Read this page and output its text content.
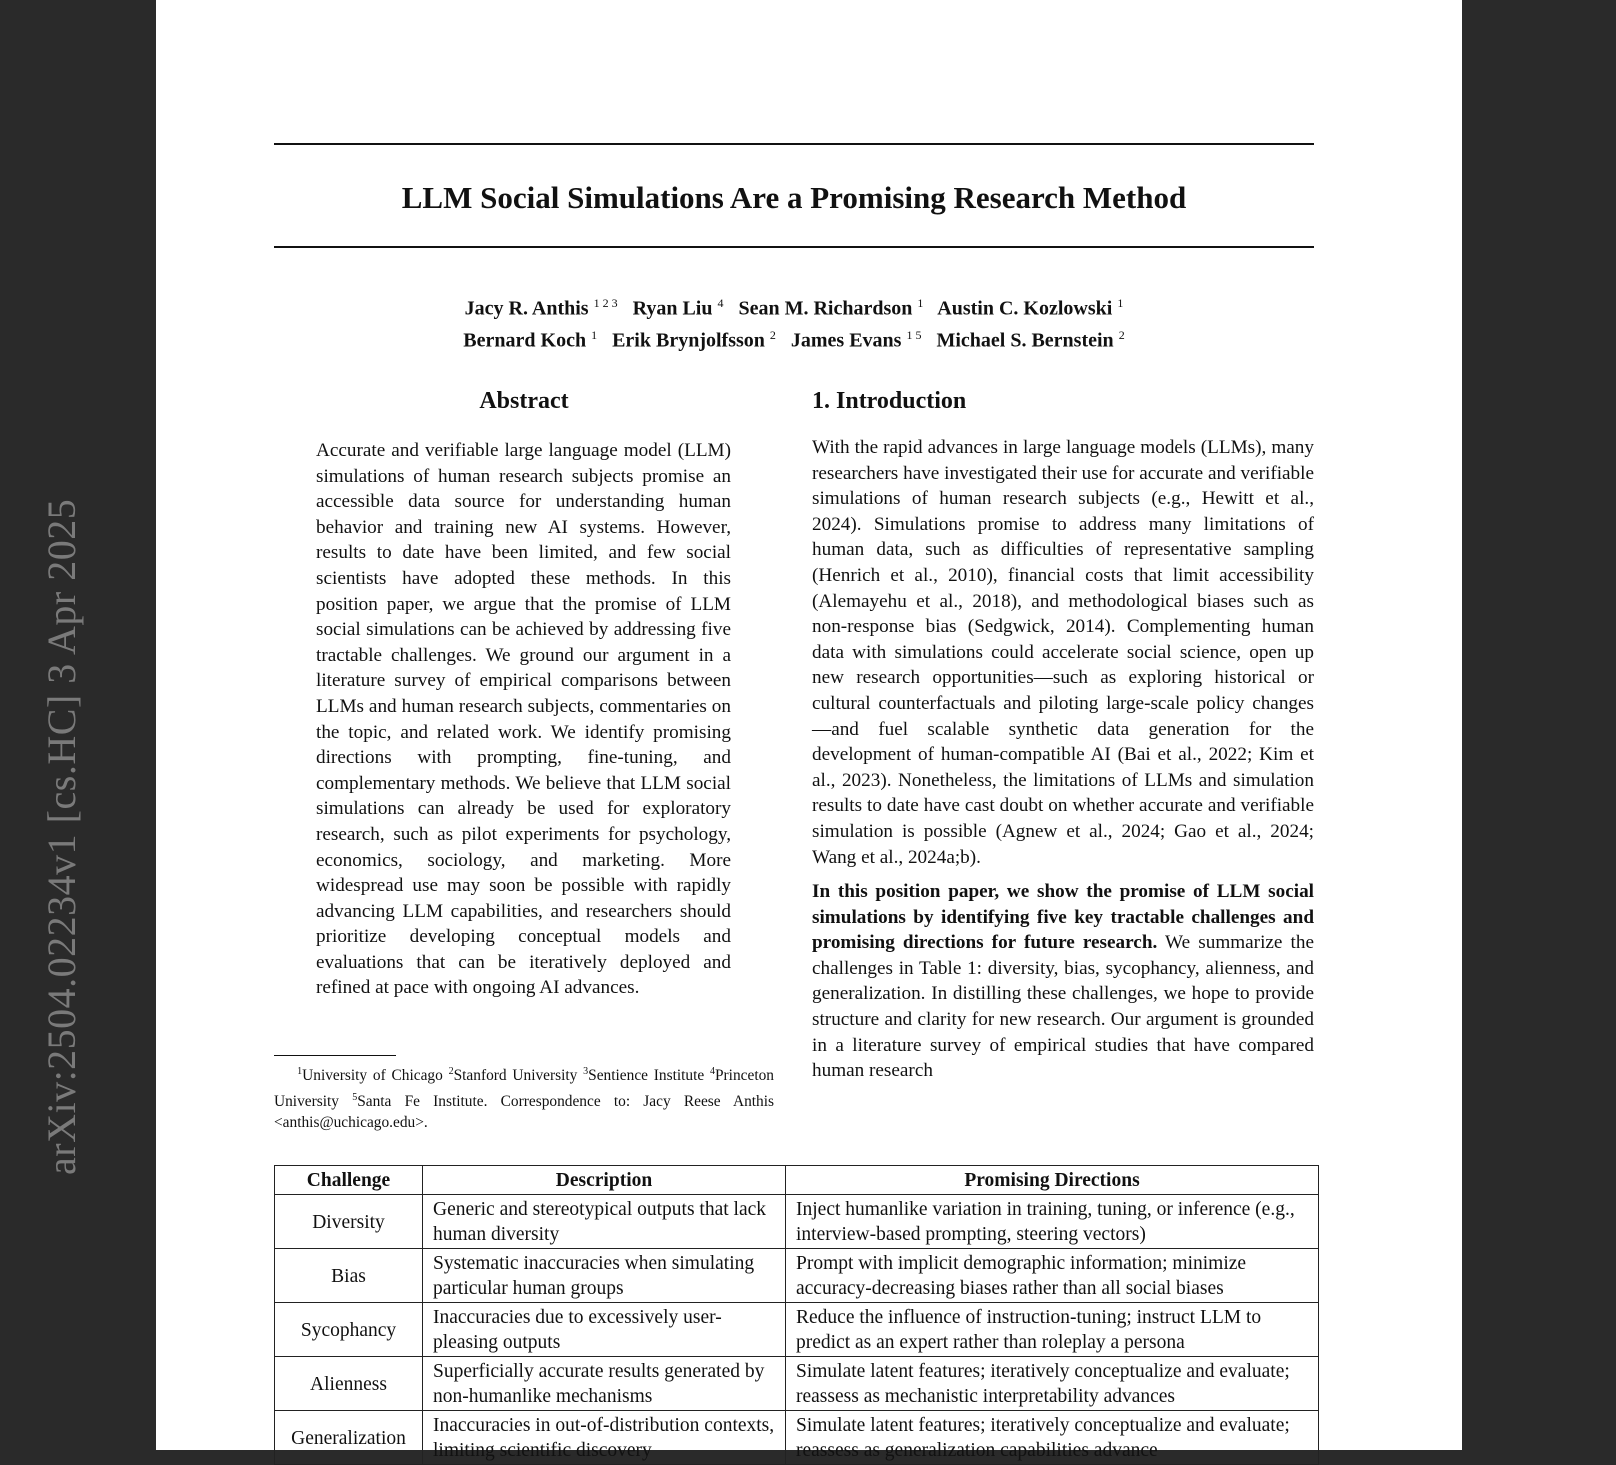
arXiv:2504.02234v1 [cs.HC] 3 Apr 2025
LLM Social Simulations Are a Promising Research Method
Jacy R. Anthis $^{1 2 3}$ Ryan Liu $^4$ Sean M. Richardson $^1$ Austin C. Kozlowski $^1$
Bernard Koch $^1$ Erik Brynjolfsson $^2$ James Evans $^{1 5}$ Michael S. Bernstein $^2$
Abstract
Accurate and verifiable large language model (LLM) simulations of human research subjects promise an accessible data source for understanding human behavior and training new AI systems. However, results to date have been limited, and few social scientists have adopted these methods. In this position paper, we argue that the promise of LLM social simulations can be achieved by addressing five tractable challenges. We ground our argument in a literature survey of empirical comparisons between LLMs and human research subjects, commentaries on the topic, and related work. We identify promising directions with prompting, fine-tuning, and complementary methods. We believe that LLM social simulations can already be used for exploratory research, such as pilot experiments for psychology, economics, sociology, and marketing. More widespread use may soon be possible with rapidly advancing LLM capabilities, and researchers should prioritize developing conceptual models and evaluations that can be iteratively deployed and refined at pace with ongoing AI advances.
$^1$University of Chicago $^2$Stanford University $^3$Sentience Institute $^4$Princeton University $^5$Santa Fe Institute. Correspondence to: Jacy Reese Anthis <anthis@uchicago.edu>.
1. Introduction

With the rapid advances in large language models (LLMs), many researchers have investigated their use for accurate and verifiable simulations of human research subjects (e.g., Hewitt et al., 2024). Simulations promise to address many limitations of human data, such as difficulties of representative sampling (Henrich et al., 2010), financial costs that limit accessibility (Alemayehu et al., 2018), and methodological biases such as non-response bias (Sedgwick, 2014). Complementing human data with simulations could accelerate social science, open up new research opportunities—such as exploring historical or cultural counterfactuals and piloting large-scale policy changes—and fuel scalable synthetic data generation for the development of human-compatible AI (Bai et al., 2022; Kim et al., 2023). Nonetheless, the limitations of LLMs and simulation results to date have cast doubt on whether accurate and verifiable simulation is possible (Agnew et al., 2024; Gao et al., 2024; Wang et al., 2024a;b).

In this position paper, we show the promise of LLM social simulations by identifying five key tractable challenges and promising directions for future research. We summarize the challenges in Table 1: diversity, bias, sycophancy, alienness, and generalization. In distilling these challenges, we hope to provide structure and clarity for new research. Our argument is grounded in a literature survey of empirical studies that have compared human research

Challenge	Description	Promising Directions
Diversity	Generic and stereotypical outputs that lack human diversity	Inject humanlike variation in training, tuning, or inference (e.g., interview-based prompting, steering vectors)
Bias	Systematic inaccuracies when simulating particular human groups	Prompt with implicit demographic information; minimize accuracy-decreasing biases rather than all social biases
Sycophancy	Inaccuracies due to excessively user-pleasing outputs	Reduce the influence of instruction-tuning; instruct LLM to predict as an expert rather than roleplay a persona
Alienness	Superficially accurate results generated by non-humanlike mechanisms	Simulate latent features; iteratively conceptualize and evaluate; reassess as mechanistic interpretability advances
Generalization	Inaccuracies in out-of-distribution contexts, limiting scientific discovery	Simulate latent features; iteratively conceptualize and evaluate; reassess as generalization capabilities advance
